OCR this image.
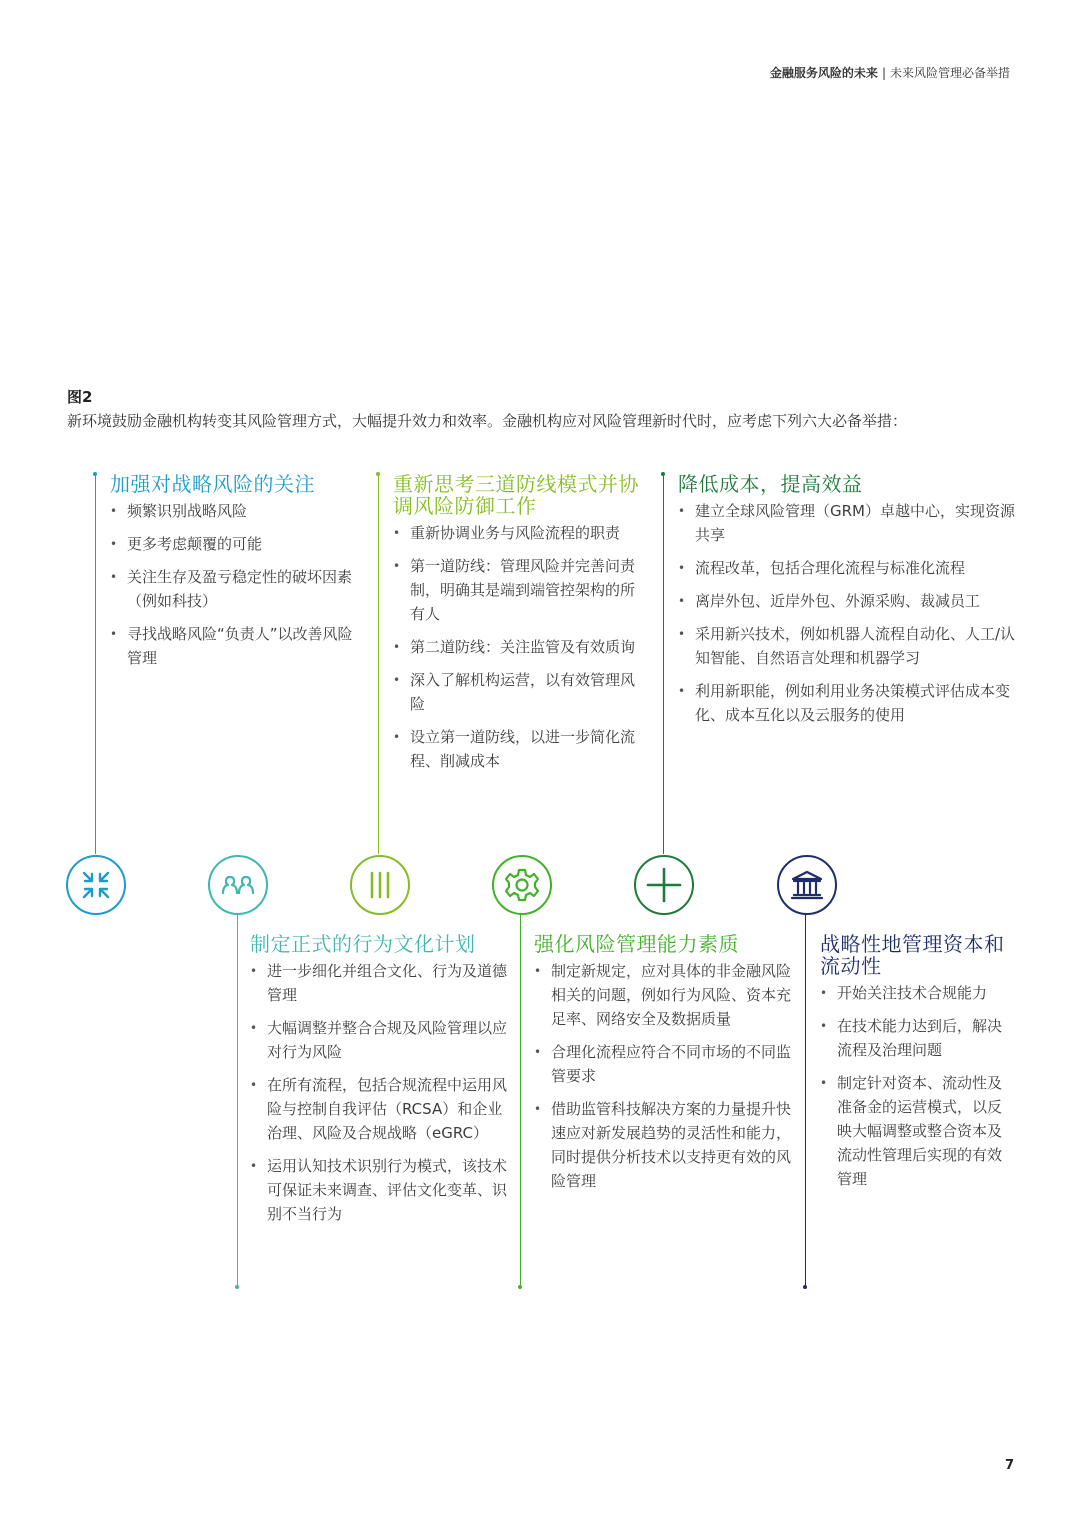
金融服务风险的未来 | 未来风险管理必备举措
图2
新环境鼓励金融机构转变其风险管理方式，大幅提升效力和效率。金融机构应对风险管理新时代时，应考虑下列六大必备举措：
加强对战略风险的关注
• 频繁识别战略风险
• 更多考虑颠覆的可能
• 关注生存及盈亏稳定性的破坏因素（例如科技）
• 寻找战略风险“负责人”以改善风险管理
重新思考三道防线模式并协调风险防御工作
• 重新协调业务与风险流程的职责
• 第一道防线：管理风险并完善问责制，明确其是端到端管控架构的所有人
• 第二道防线：关注监管及有效质询
• 深入了解机构运营，以有效管理风险
• 设立第一道防线，以进一步简化流程、削减成本
降低成本，提高效益
• 建立全球风险管理（GRM）卓越中心，实现资源共享
• 流程改革，包括合理化流程与标准化流程
• 离岸外包、近岸外包、外源采购、裁减员工
• 采用新兴技术，例如机器人流程自动化、人工/认知智能、自然语言处理和机器学习
• 利用新职能，例如利用业务决策模式评估成本变化、成本互化以及云服务的使用
制定正式的行为文化计划
• 进一步细化并组合文化、行为及道德管理
• 大幅调整并整合合规及风险管理以应对行为风险
• 在所有流程，包括合规流程中运用风险与控制自我评估（RCSA）和企业治理、风险及合规战略（eGRC）
• 运用认知技术识别行为模式，该技术可保证未来调查、评估文化变革、识别不当行为
强化风险管理能力素质
• 制定新规定，应对具体的非金融风险相关的问题，例如行为风险、资本充足率、网络安全及数据质量
• 合理化流程应符合不同市场的不同监管要求
• 借助监管科技解决方案的力量提升快速应对新发展趋势的灵活性和能力，同时提供分析技术以支持更有效的风险管理
战略性地管理资本和流动性
• 开始关注技术合规能力
• 在技术能力达到后，解决流程及治理问题
• 制定针对资本、流动性及准备金的运营模式，以反映大幅调整或整合资本及流动性管理后实现的有效管理
7
